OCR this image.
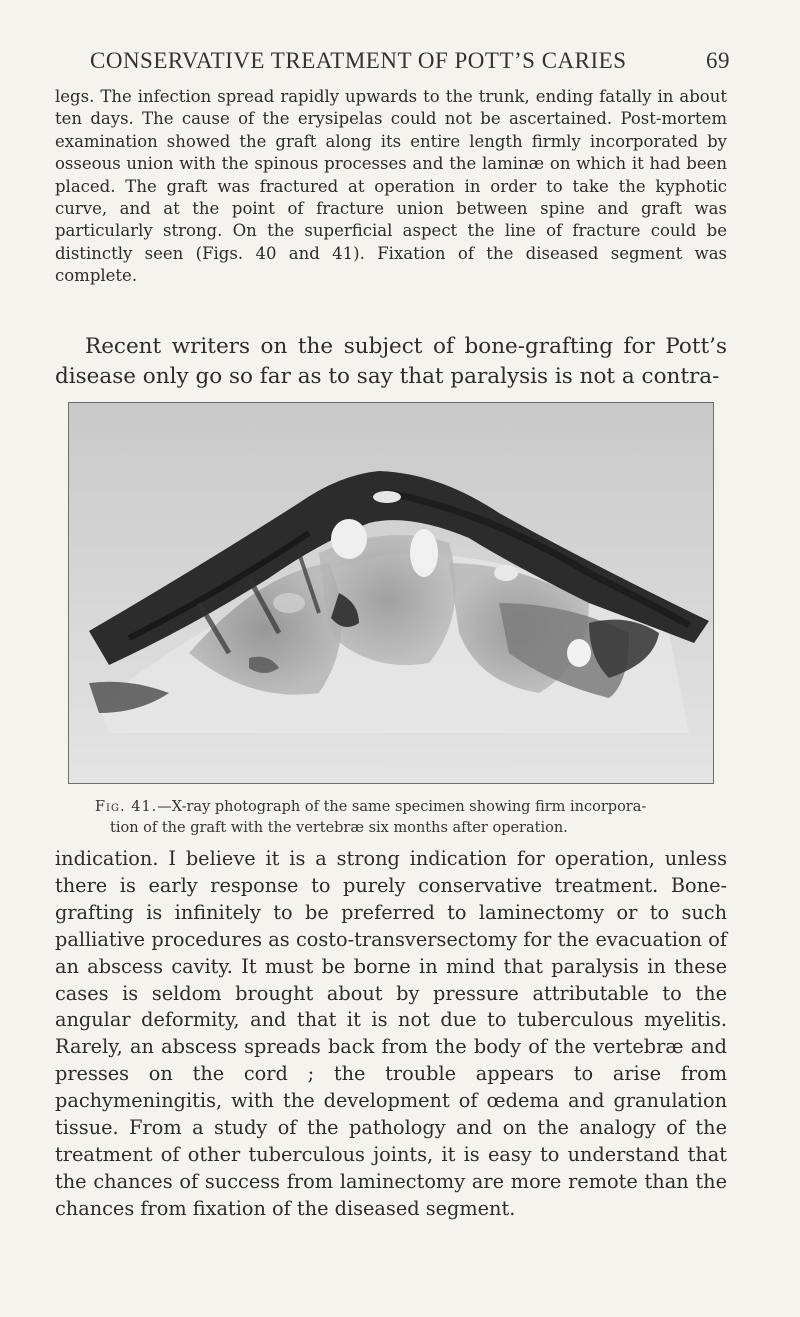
CONSERVATIVE TREATMENT OF POTT’S CARIES	69

legs. The infection spread rapidly upwards to the trunk, ending fatally in about ten days. The cause of the erysipelas could not be ascertained. Post-mortem examination showed the graft along its entire length firmly incorporated by osseous union with the spinous processes and the laminæ on which it had been placed. The graft was fractured at operation in order to take the kyphotic curve, and at the point of fracture union between spine and graft was particularly strong. On the superficial aspect the line of fracture could be distinctly seen (Figs. 40 and 41). Fixation of the diseased segment was complete.

Recent writers on the subject of bone-grafting for Pott’s disease only go so far as to say that paralysis is not a contra-

Fig. 41.—X-ray photograph of the same specimen showing firm incorpora-
tion of the graft with the vertebræ six months after operation.

indication. I believe it is a strong indication for operation, unless there is early response to purely conservative treatment. Bone-grafting is infinitely to be preferred to laminectomy or to such palliative procedures as costo-transversectomy for the evacuation of an abscess cavity. It must be borne in mind that paralysis in these cases is seldom brought about by pressure attributable to the angular deformity, and that it is not due to tuberculous myelitis. Rarely, an abscess spreads back from the body of the vertebræ and presses on the cord ; the trouble appears to arise from pachymeningitis, with the development of œdema and granulation tissue. From a study of the pathology and on the analogy of the treatment of other tuberculous joints, it is easy to understand that the chances of success from laminectomy are more remote than the chances from fixation of the diseased segment.
